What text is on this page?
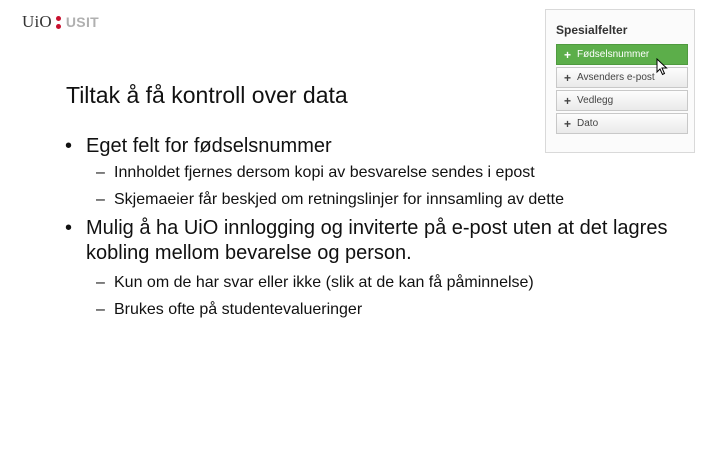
UiO USIT
Tiltak å få kontroll over data
• Eget felt for fødselsnummer
– Innholdet fjernes dersom kopi av besvarelse sendes i epost
– Skjemaeier får beskjed om retningslinjer for innsamling av dette
• Mulig å ha UiO innlogging og inviterte på e-post uten at det lagres kobling mellom bevarelse og person.
– Kun om de har svar eller ikke (slik at de kan få påminnelse)
– Brukes ofte på studentevalueringer
Spesialfelter
+ Fødselsnummer
+ Avsenders e-post
+ Vedlegg
+ Dato
